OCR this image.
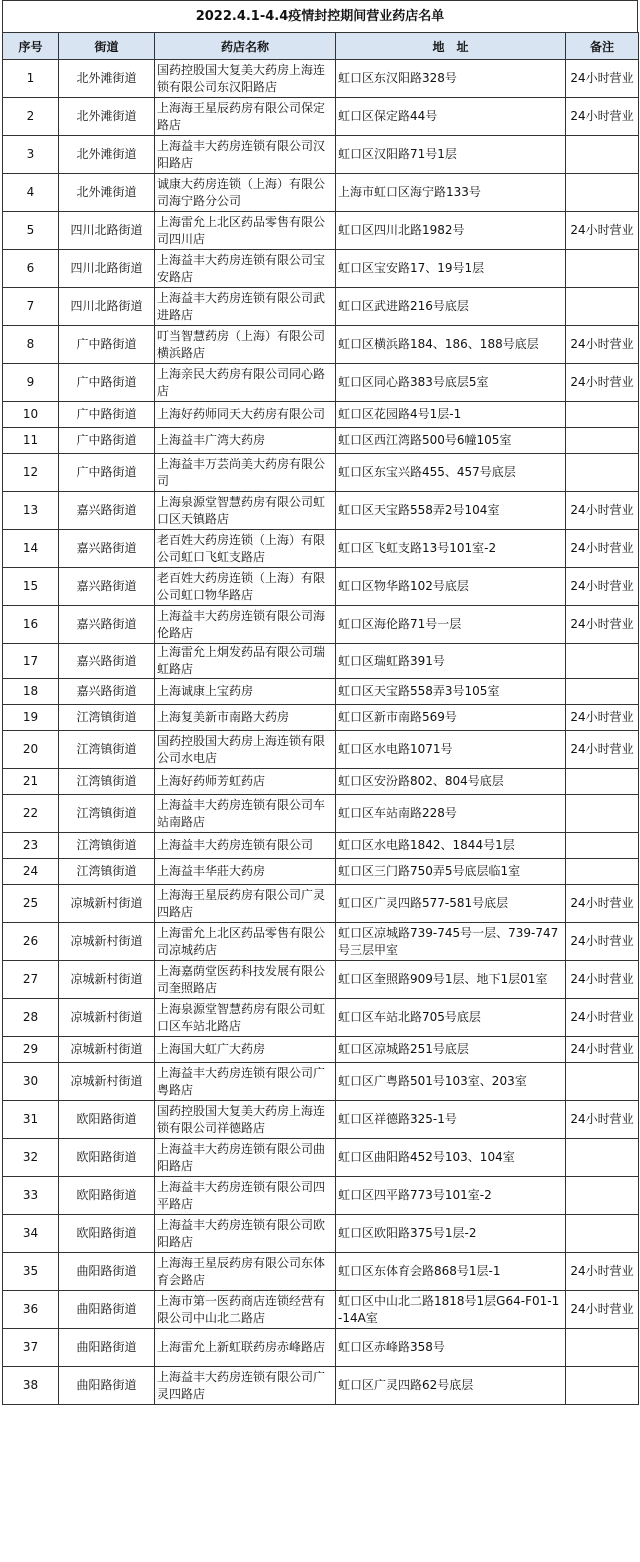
2022.4.1-4.4疫情封控期间营业药店名单
序号	街道	药店名称	地　址	备注
1	北外滩街道	国药控股国大复美大药房上海连锁有限公司东汉阳路店	虹口区东汉阳路328号	24小时营业
2	北外滩街道	上海海王星辰药房有限公司保定路店	虹口区保定路44号	24小时营业
3	北外滩街道	上海益丰大药房连锁有限公司汉阳路店	虹口区汉阳路71号1层	
4	北外滩街道	诚康大药房连锁（上海）有限公司海宁路分公司	上海市虹口区海宁路133号	
5	四川北路街道	上海雷允上北区药品零售有限公司四川店	虹口区四川北路1982号	24小时营业
6	四川北路街道	上海益丰大药房连锁有限公司宝安路店	虹口区宝安路17、19号1层	
7	四川北路街道	上海益丰大药房连锁有限公司武进路店	虹口区武进路216号底层	
8	广中路街道	叮当智慧药房（上海）有限公司横浜路店	虹口区横浜路184、186、188号底层	24小时营业
9	广中路街道	上海亲民大药房有限公司同心路店	虹口区同心路383号底层5室	24小时营业
10	广中路街道	上海好药师同天大药房有限公司	虹口区花园路4号1层-1	
11	广中路街道	上海益丰广湾大药房	虹口区西江湾路500号6幢105室	
12	广中路街道	上海益丰万芸尚美大药房有限公司	虹口区东宝兴路455、457号底层	
13	嘉兴路街道	上海泉源堂智慧药房有限公司虹口区天镇路店	虹口区天宝路558弄2号104室	24小时营业
14	嘉兴路街道	老百姓大药房连锁（上海）有限公司虹口飞虹支路店	虹口区飞虹支路13号101室-2	24小时营业
15	嘉兴路街道	老百姓大药房连锁（上海）有限公司虹口物华路店	虹口区物华路102号底层	24小时营业
16	嘉兴路街道	上海益丰大药房连锁有限公司海伦路店	虹口区海伦路71号一层	24小时营业
17	嘉兴路街道	上海雷允上炯发药品有限公司瑞虹路店	虹口区瑞虹路391号	
18	嘉兴路街道	上海诚康上宝药房	虹口区天宝路558弄3号105室	
19	江湾镇街道	上海复美新市南路大药房	虹口区新市南路569号	24小时营业
20	江湾镇街道	国药控股国大药房上海连锁有限公司水电店	虹口区水电路1071号	24小时营业
21	江湾镇街道	上海好药师芳虹药店	虹口区安汾路802、804号底层	
22	江湾镇街道	上海益丰大药房连锁有限公司车站南路店	虹口区车站南路228号	
23	江湾镇街道	上海益丰大药房连锁有限公司	虹口区水电路1842、1844号1层	
24	江湾镇街道	上海益丰华莊大药房	虹口区三门路750弄5号底层临1室	
25	凉城新村街道	上海海王星辰药房有限公司广灵四路店	虹口区广灵四路577-581号底层	24小时营业
26	凉城新村街道	上海雷允上北区药品零售有限公司凉城药店	虹口区凉城路739-745号一层、739-747号三层甲室	24小时营业
27	凉城新村街道	上海嘉荫堂医药科技发展有限公司奎照路店	虹口区奎照路909号1层、地下1层01室	24小时营业
28	凉城新村街道	上海泉源堂智慧药房有限公司虹口区车站北路店	虹口区车站北路705号底层	24小时营业
29	凉城新村街道	上海国大虹广大药房	虹口区凉城路251号底层	24小时营业
30	凉城新村街道	上海益丰大药房连锁有限公司广粤路店	虹口区广粤路501号103室、203室	
31	欧阳路街道	国药控股国大复美大药房上海连锁有限公司祥德路店	虹口区祥德路325-1号	24小时营业
32	欧阳路街道	上海益丰大药房连锁有限公司曲阳路店	虹口区曲阳路452号103、104室	
33	欧阳路街道	上海益丰大药房连锁有限公司四平路店	虹口区四平路773号101室-2	
34	欧阳路街道	上海益丰大药房连锁有限公司欧阳路店	虹口区欧阳路375号1层-2	
35	曲阳路街道	上海海王星辰药房有限公司东体育会路店	虹口区东体育会路868号1层-1	24小时营业
36	曲阳路街道	上海市第一医药商店连锁经营有限公司中山北二路店	虹口区中山北二路1818号1层G64-F01-1-14A室	24小时营业
37	曲阳路街道	上海雷允上新虹联药房赤峰路店	虹口区赤峰路358号	
38	曲阳路街道	上海益丰大药房连锁有限公司广灵四路店	虹口区广灵四路62号底层	
